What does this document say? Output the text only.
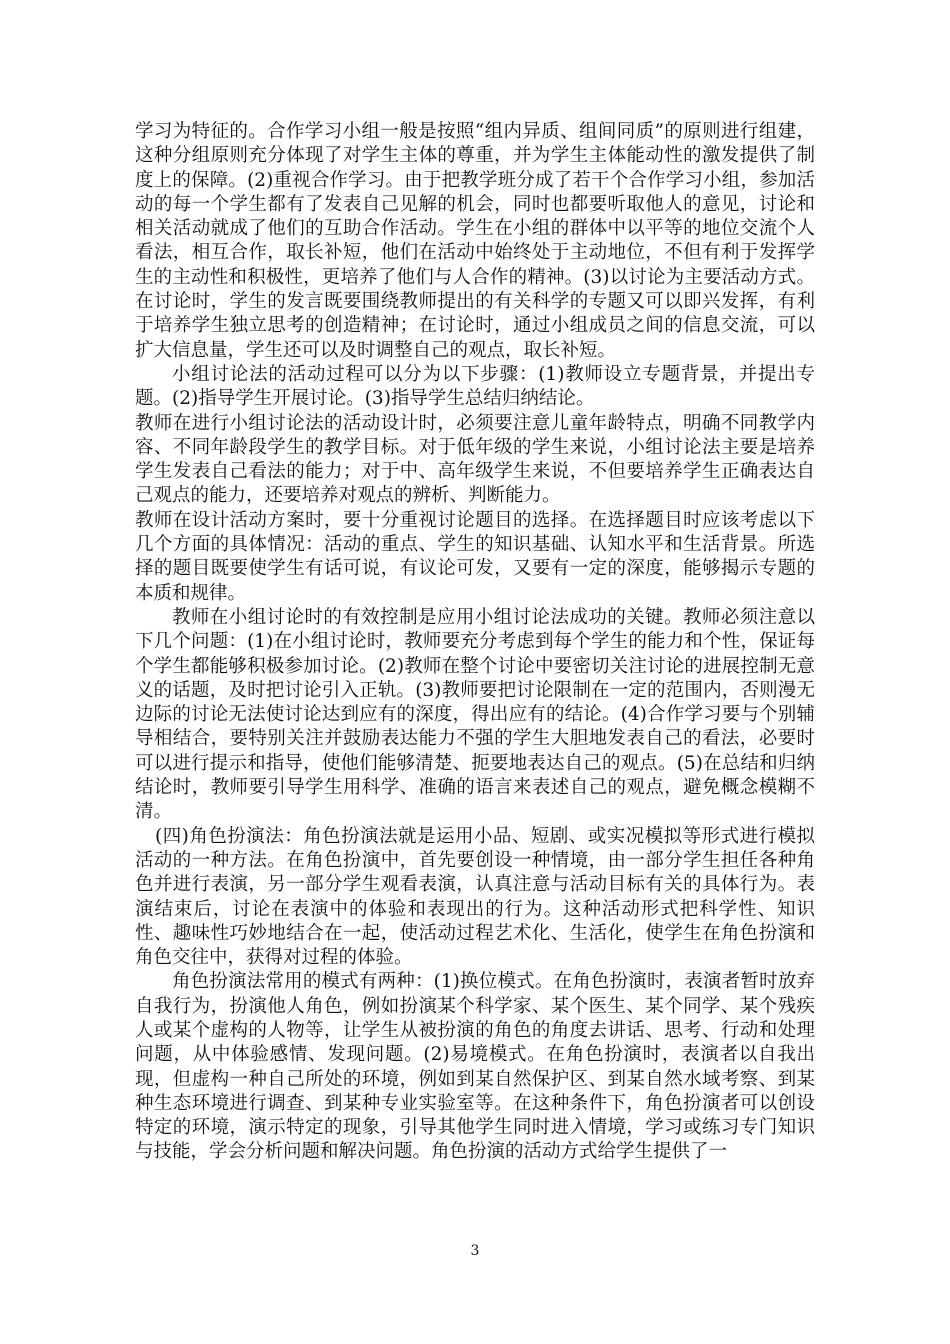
学习为特征的。合作学习小组一般是按照“组内异质、组间同质”的原则进行组建，这种分组原则充分体现了对学生主体的尊重，并为学生主体能动性的激发提供了制度上的保障。(2)重视合作学习。由于把教学班分成了若干个合作学习小组，参加活动的每一个学生都有了发表自己见解的机会，同时也都要听取他人的意见，讨论和相关活动就成了他们的互助合作活动。学生在小组的群体中以平等的地位交流个人看法，相互合作，取长补短，他们在活动中始终处于主动地位，不但有利于发挥学生的主动性和积极性，更培养了他们与人合作的精神。(3)以讨论为主要活动方式。在讨论时，学生的发言既要围绕教师提出的有关科学的专题又可以即兴发挥，有利于培养学生独立思考的创造精神；在讨论时，通过小组成员之间的信息交流，可以扩大信息量，学生还可以及时调整自己的观点，取长补短。

小组讨论法的活动过程可以分为以下步骤：(1)教师设立专题背景，并提出专题。(2)指导学生开展讨论。(3)指导学生总结归纳结论。

教师在进行小组讨论法的活动设计时，必须要注意儿童年龄特点，明确不同教学内容、不同年龄段学生的教学目标。对于低年级的学生来说，小组讨论法主要是培养学生发表自己看法的能力；对于中、高年级学生来说，不但要培养学生正确表达自己观点的能力，还要培养对观点的辨析、判断能力。

教师在设计活动方案时，要十分重视讨论题目的选择。在选择题目时应该考虑以下几个方面的具体情况：活动的重点、学生的知识基础、认知水平和生活背景。所选择的题目既要使学生有话可说，有议论可发，又要有一定的深度，能够揭示专题的本质和规律。

教师在小组讨论时的有效控制是应用小组讨论法成功的关键。教师必须注意以下几个问题：(1)在小组讨论时，教师要充分考虑到每个学生的能力和个性，保证每个学生都能够积极参加讨论。(2)教师在整个讨论中要密切关注讨论的进展控制无意义的话题，及时把讨论引入正轨。(3)教师要把讨论限制在一定的范围内，否则漫无边际的讨论无法使讨论达到应有的深度，得出应有的结论。(4)合作学习要与个别辅导相结合，要特别关注并鼓励表达能力不强的学生大胆地发表自己的看法，必要时可以进行提示和指导，使他们能够清楚、扼要地表达自己的观点。(5)在总结和归纳结论时，教师要引导学生用科学、准确的语言来表述自己的观点，避免概念模糊不清。

(四)角色扮演法：角色扮演法就是运用小品、短剧、或实况模拟等形式进行模拟活动的一种方法。在角色扮演中，首先要创设一种情境，由一部分学生担任各种角色并进行表演，另一部分学生观看表演，认真注意与活动目标有关的具体行为。表演结束后，讨论在表演中的体验和表现出的行为。这种活动形式把科学性、知识性、趣味性巧妙地结合在一起，使活动过程艺术化、生活化，使学生在角色扮演和角色交往中，获得对过程的体验。

角色扮演法常用的模式有两种：(1)换位模式。在角色扮演时，表演者暂时放弃自我行为，扮演他人角色，例如扮演某个科学家、某个医生、某个同学、某个残疾人或某个虚构的人物等，让学生从被扮演的角色的角度去讲话、思考、行动和处理问题，从中体验感情、发现问题。(2)易境模式。在角色扮演时，表演者以自我出现，但虚构一种自己所处的环境，例如到某自然保护区、到某自然水域考察、到某种生态环境进行调查、到某种专业实验室等。在这种条件下，角色扮演者可以创设特定的环境，演示特定的现象，引导其他学生同时进入情境，学习或练习专门知识与技能，学会分析问题和解决问题。角色扮演的活动方式给学生提供了一

3
